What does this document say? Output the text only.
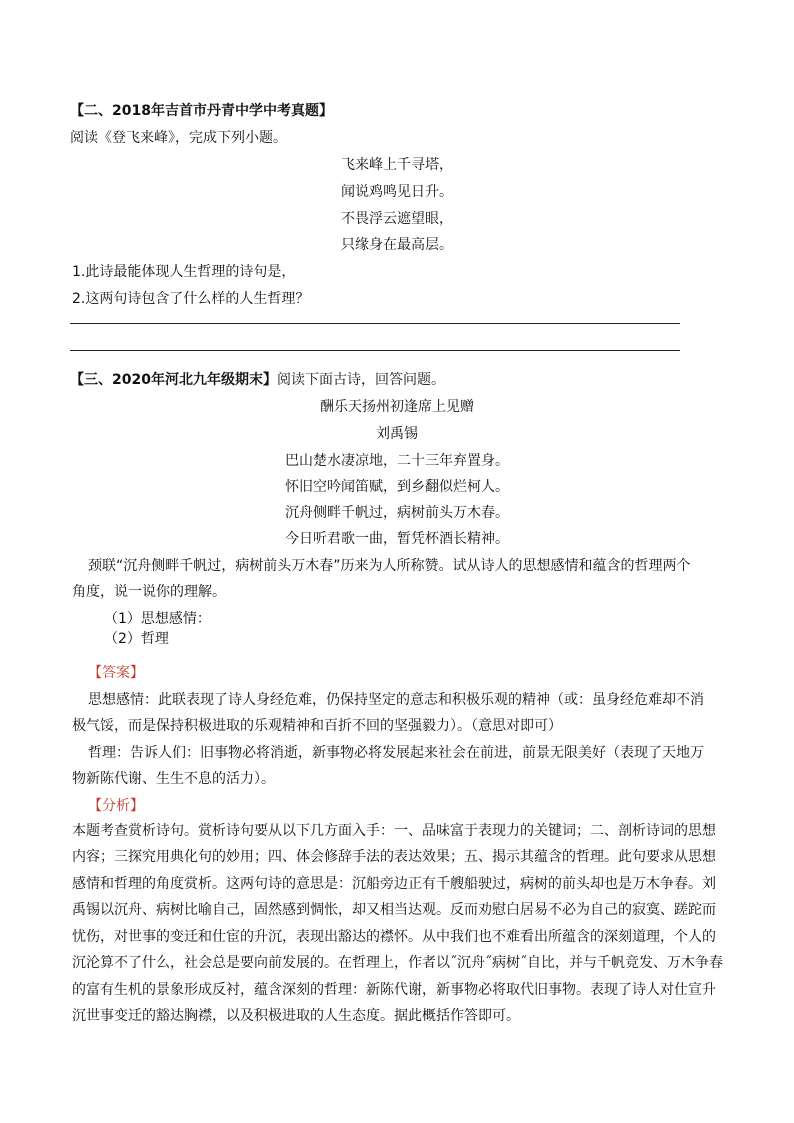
【二、2018年吉首市丹青中学中考真题】
阅读《登飞来峰》，完成下列小题。
飞来峰上千寻塔，
闻说鸡鸣见日升。
不畏浮云遮望眼，
只缘身在最高层。
1.此诗最能体现人生哲理的诗句是，
2.这两句诗包含了什么样的人生哲理？
【三、2020年河北九年级期末】阅读下面古诗，回答问题。
酬乐天扬州初逢席上见赠
刘禹锡
巴山楚水凄凉地，二十三年弃置身。
怀旧空吟闻笛赋，到乡翻似烂柯人。
沉舟侧畔千帆过，病树前头万木春。
今日听君歌一曲，暂凭杯酒长精神。
颈联“沉舟侧畔千帆过，病树前头万木春”历来为人所称赞。试从诗人的思想感情和蕴含的哲理两个
角度，说一说你的理解。
（1）思想感情：
（2）哲理
【答案】
思想感情：此联表现了诗人身经危难，仍保持坚定的意志和积极乐观的精神（或：虽身经危难却不消
极气馁，而是保持积极进取的乐观精神和百折不回的坚强毅力）。（意思对即可）
哲理：告诉人们：旧事物必将消逝，新事物必将发展起来社会在前进，前景无限美好（表现了天地万
物新陈代谢、生生不息的活力）。
【分析】
本题考查赏析诗句。赏析诗句要从以下几方面入手：一、品味富于表现力的关键词；二、剖析诗词的思想
内容；三探究用典化句的妙用；四、体会修辞手法的表达效果；五、揭示其蕴含的哲理。此句要求从思想
感情和哲理的角度赏析。这两句诗的意思是：沉船旁边正有千艘船驶过，病树的前头却也是万木争春。刘
禹锡以沉舟、病树比喻自己，固然感到惆怅，却又相当达观。反而劝慰白居易不必为自己的寂寞、蹉跎而
忧伤，对世事的变迁和仕宦的升沉，表现出豁达的襟怀。从中我们也不难看出所蕴含的深刻道理，个人的
沉沦算不了什么，社会总是要向前发展的。在哲理上，作者以˝沉舟˝病树˝自比，并与千帆竞发、万木争春
的富有生机的景象形成反衬，蕴含深刻的哲理：新陈代谢，新事物必将取代旧事物。表现了诗人对仕宣升
沉世事变迁的豁达胸襟，以及积极进取的人生态度。据此概括作答即可。
